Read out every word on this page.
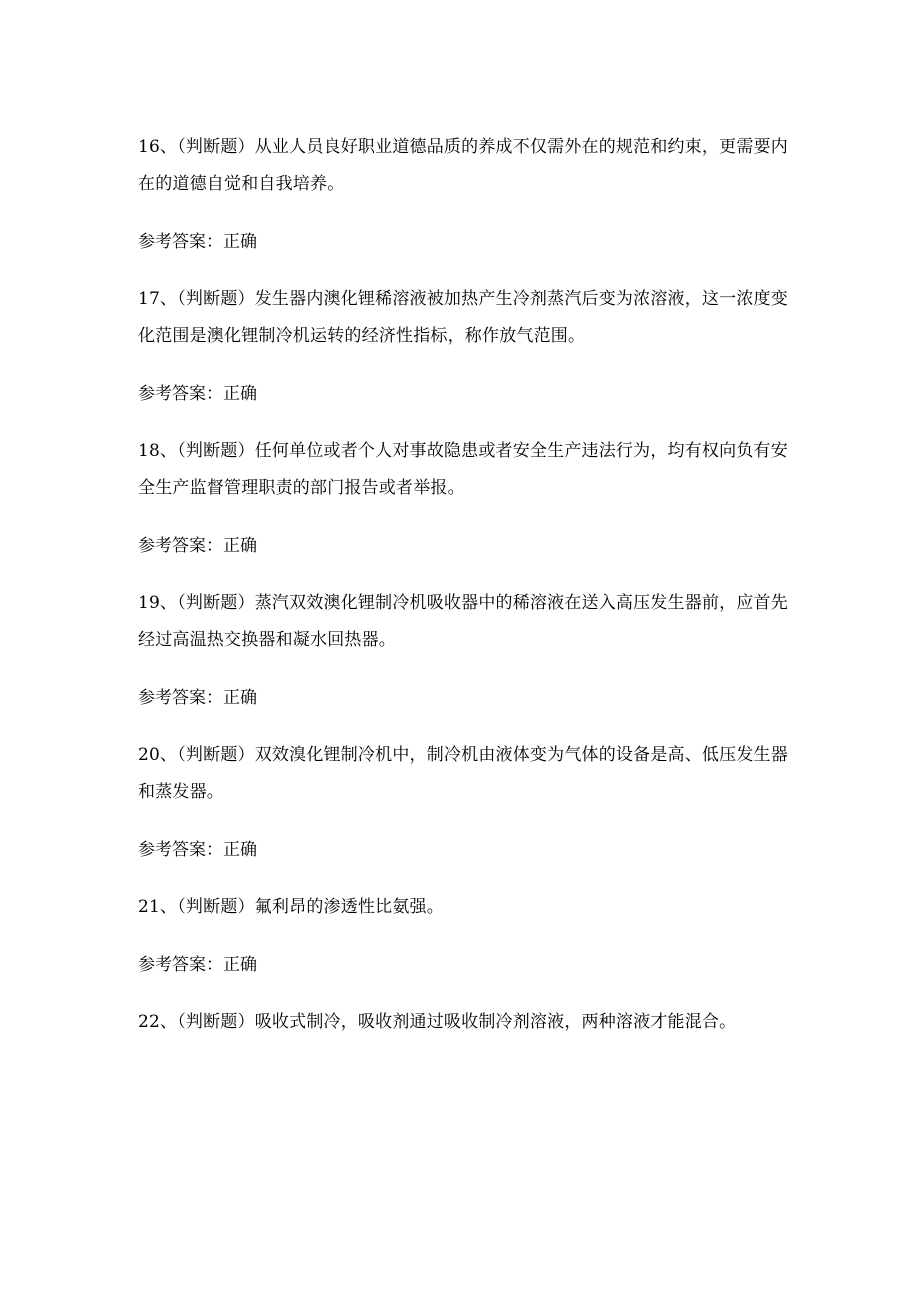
16、（判断题）从业人员良好职业道德品质的养成不仅需外在的规范和约束，更需要内在的道德自觉和自我培养。

参考答案：正确

17、（判断题）发生器内澳化锂稀溶液被加热产生冷剂蒸汽后变为浓溶液，这一浓度变化范围是澳化锂制冷机运转的经济性指标，称作放气范围。

参考答案：正确

18、（判断题）任何单位或者个人对事故隐患或者安全生产违法行为，均有权向负有安全生产监督管理职责的部门报告或者举报。

参考答案：正确

19、（判断题）蒸汽双效澳化锂制冷机吸收器中的稀溶液在送入高压发生器前，应首先经过高温热交换器和凝水回热器。

参考答案：正确

20、（判断题）双效溴化锂制冷机中，制冷机由液体变为气体的设备是高、低压发生器和蒸发器。

参考答案：正确

21、（判断题）氟利昂的渗透性比氨强。

参考答案：正确

22、（判断题）吸收式制冷，吸收剂通过吸收制冷剂溶液，两种溶液才能混合。
